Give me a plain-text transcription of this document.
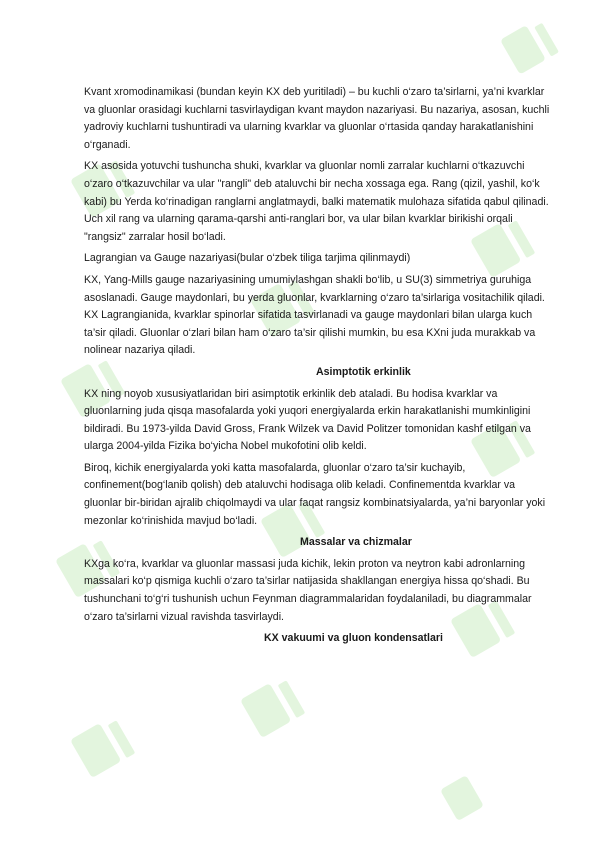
Kvant xromodinamikasi (bundan keyin KX deb yuritiladi) – bu kuchli o‘zaro ta’sirlarni, ya’ni kvarklar va gluonlar orasidagi kuchlarni tasvirlaydigan kvant maydon nazariyasi. Bu nazariya, asosan, kuchli yadroviy kuchlarni tushuntiradi va ularning kvarklar va gluonlar o‘rtasida qanday harakatlanishini o‘rganadi.

KX asosida yotuvchi tushuncha shuki, kvarklar va gluonlar nomli zarralar kuchlarni o‘tkazuvchi o‘zaro o‘tkazuvchilar va ular "rangli" deb ataluvchi bir necha xossaga ega. Rang (qizil, yashil, ko‘k kabi) bu Yerda ko‘rinadigan ranglarni anglatmaydi, balki matematik mulohaza sifatida qabul qilinadi. Uch xil rang va ularning qarama-qarshi anti-ranglari bor, va ular bilan kvarklar birikishi orqali "rangsiz" zarralar hosil bo‘ladi.

Lagrangian va Gauge nazariyasi(bular o‘zbek tiliga tarjima qilinmaydi)

KX, Yang-Mills gauge nazariyasining umumiylashgan shakli bo‘lib, u SU(3) simmetriya guruhiga asoslanadi. Gauge maydonlari, bu yerda gluonlar, kvarklarning o‘zaro ta’sirlariga vositachilik qiladi. KX Lagrangianida, kvarklar spinorlar sifatida tasvirlanadi va gauge maydonlari bilan ularga kuch ta’sir qiladi. Gluonlar o‘zlari bilan ham o‘zaro ta’sir qilishi mumkin, bu esa KXni juda murakkab va nolinear nazariya qiladi.

Asimptotik erkinlik

KX ning noyob xususiyatlaridan biri asimptotik erkinlik deb ataladi. Bu hodisa kvarklar va gluonlarning juda qisqa masofalarda yoki yuqori energiyalarda erkin harakatlanishi mumkinligini bildiradi. Bu 1973-yilda David Gross, Frank Wilzek va David Politzer tomonidan kashf etilgan va ularga 2004-yilda Fizika bo‘yicha Nobel mukofotini olib keldi.

Biroq, kichik energiyalarda yoki katta masofalarda, gluonlar o‘zaro ta’sir kuchayib, confinement(bog‘lanib qolish) deb ataluvchi hodisaga olib keladi. Confinementda kvarklar va gluonlar bir-biridan ajralib chiqolmaydi va ular faqat rangsiz kombinatsiyalarda, ya’ni baryonlar yoki mezonlar ko‘rinishida mavjud bo‘ladi.

Massalar va chizmalar

KXga ko‘ra, kvarklar va gluonlar massasi juda kichik, lekin proton va neytron kabi adronlarning massalari ko‘p qismiga kuchli o‘zaro ta’sirlar natijasida shakllangan energiya hissa qo‘shadi. Bu tushunchani to‘g‘ri tushunish uchun Feynman diagrammalaridan foydalaniladi, bu diagrammalar o‘zaro ta’sirlarni vizual ravishda tasvirlaydi.

KX vakuumi va gluon kondensatlari
